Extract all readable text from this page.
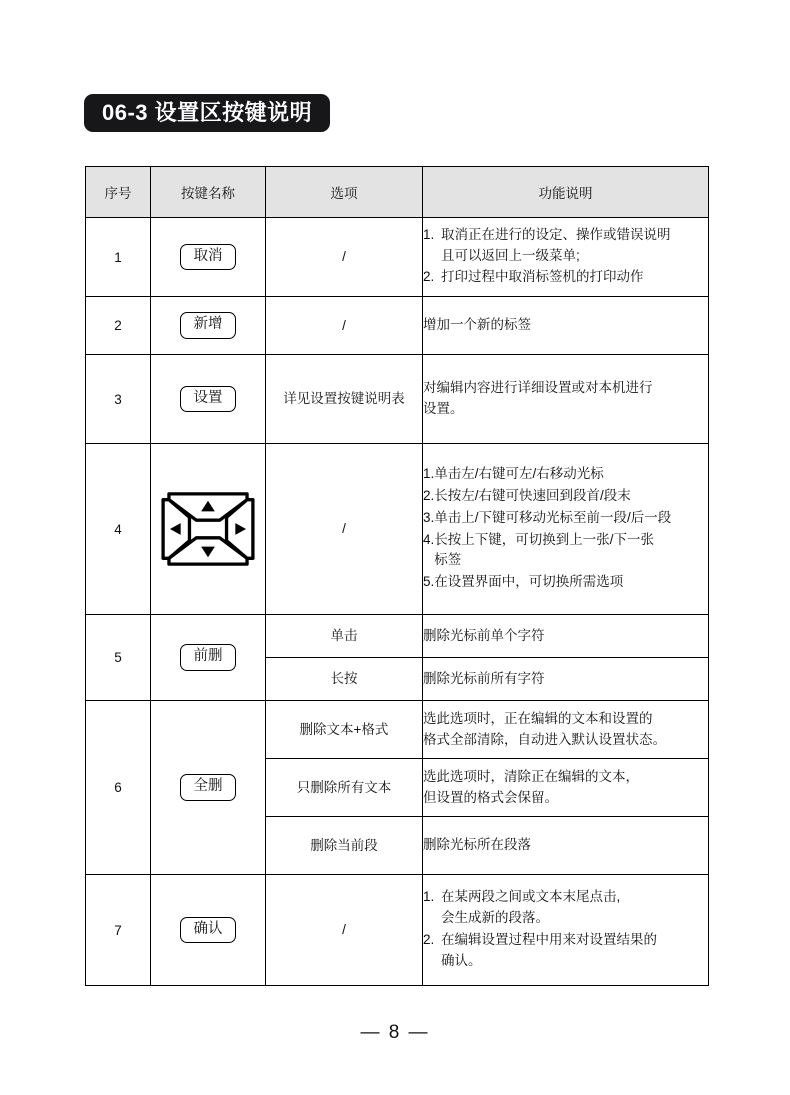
06-3 设置区按键说明
序号	按键名称	选项	功能说明
1	取消	/	
1. 取消正在进行的设定、操作或错误说明
且可以返回上一级菜单;
2. 打印过程中取消标签机的打印动作

2	新增	/	增加一个新的标签

3	设置	详见设置按键说明表	对编辑内容进行详细设置或对本机进行
设置。

4		/	
1. 单击左/右键可左/右移动光标
2. 长按左/右键可快速回到段首/段末
3. 单击上/下键可移动光标至前一段/后一段
4. 长按上下键，可切换到上一张/下一张
标签
5. 在设置界面中，可切换所需选项

5	前删	单击	删除光标前单个字符

		长按	删除光标前所有字符

6	全删	删除文本+格式	选此选项时，正在编辑的文本和设置的
格式全部清除，自动进入默认设置状态。

		只删除所有文本	选此选项时，清除正在编辑的文本，
但设置的格式会保留。

		删除当前段	删除光标所在段落

7	确认	/	
1. 在某两段之间或文本末尾点击,
会生成新的段落。
2. 在编辑设置过程中用来对设置结果的
确认。
— 8 —
